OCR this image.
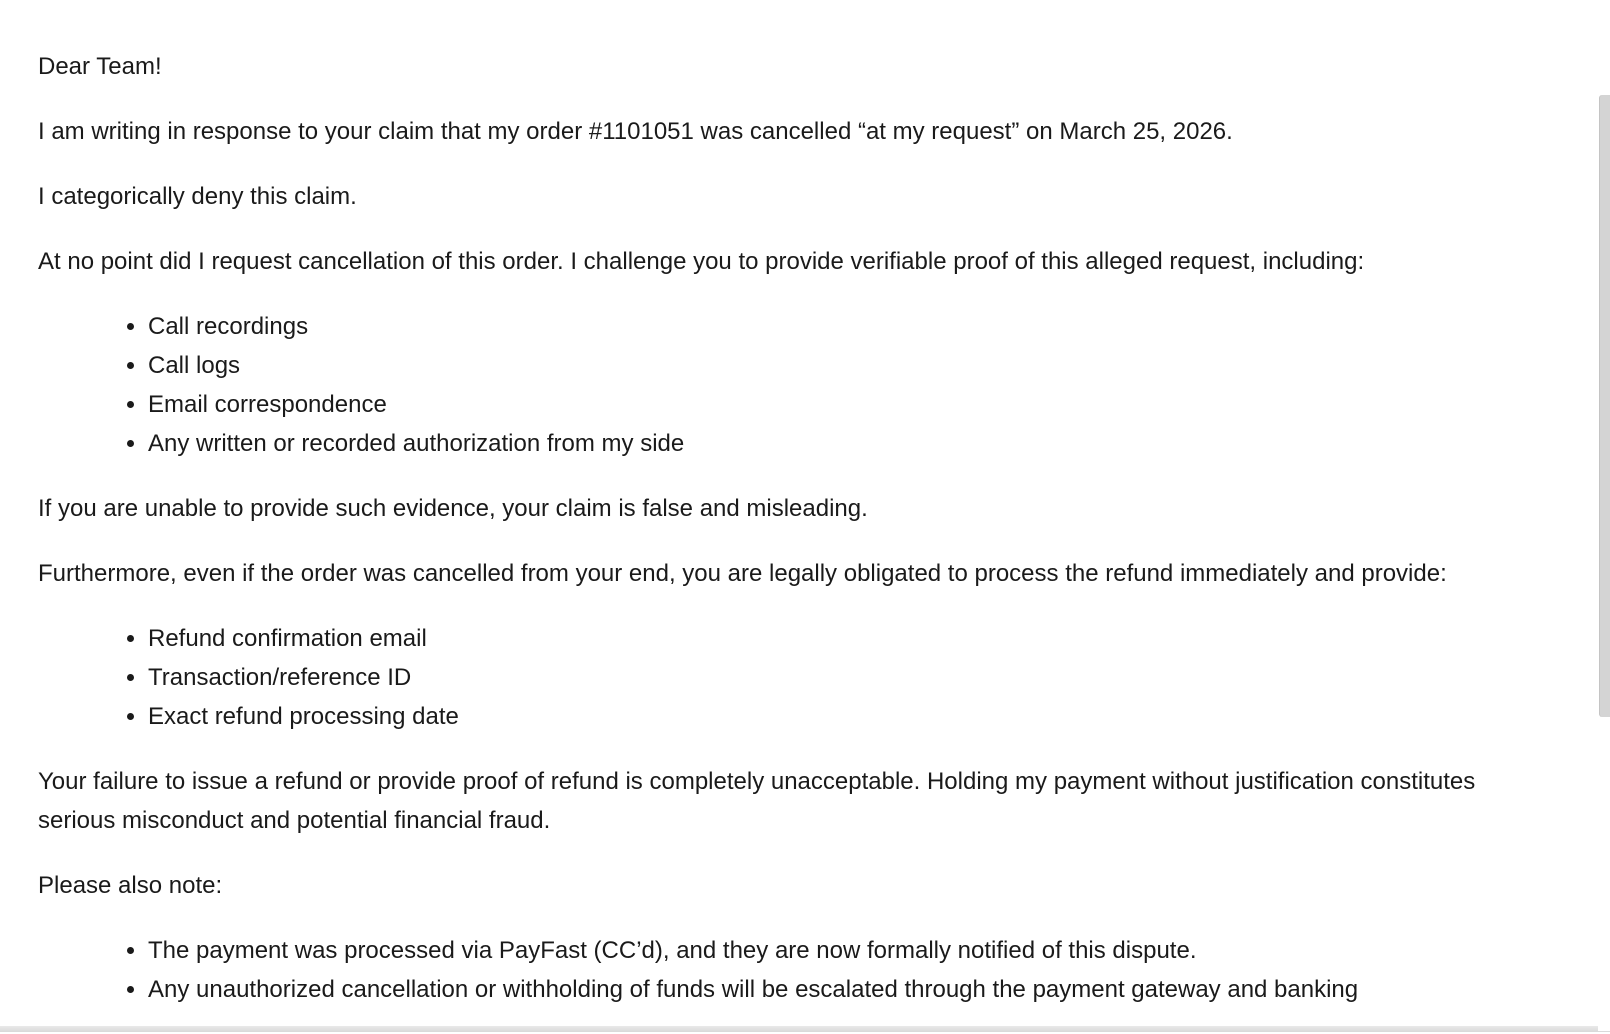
Dear Team!

I am writing in response to your claim that my order #1101051 was cancelled “at my request” on March 25, 2026.

I categorically deny this claim.

At no point did I request cancellation of this order. I challenge you to provide verifiable proof of this alleged request, including:

• Call recordings
• Call logs
• Email correspondence
• Any written or recorded authorization from my side

If you are unable to provide such evidence, your claim is false and misleading.

Furthermore, even if the order was cancelled from your end, you are legally obligated to process the refund immediately and provide:

• Refund confirmation email
• Transaction/reference ID
• Exact refund processing date

Your failure to issue a refund or provide proof of refund is completely unacceptable. Holding my payment without justification constitutes serious misconduct and potential financial fraud.

Please also note:

• The payment was processed via PayFast (CC’d), and they are now formally notified of this dispute.
• Any unauthorized cancellation or withholding of funds will be escalated through the payment gateway and banking
